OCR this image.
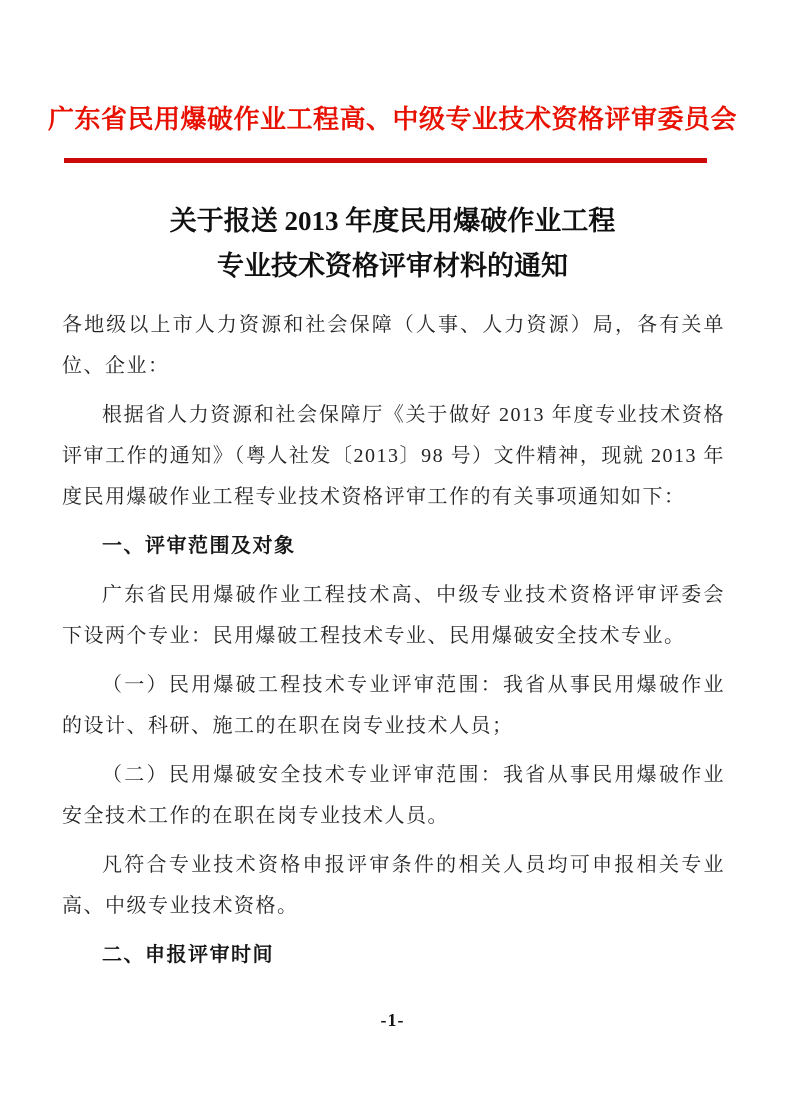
广东省民用爆破作业工程高、中级专业技术资格评审委员会
关于报送 2013 年度民用爆破作业工程
专业技术资格评审材料的通知

各地级以上市人力资源和社会保障（人事、人力资源）局，各有关单位、企业：

根据省人力资源和社会保障厅《关于做好 2013 年度专业技术资格评审工作的通知》（粤人社发〔2013〕98 号）文件精神，现就 2013 年度民用爆破作业工程专业技术资格评审工作的有关事项通知如下：

一、评审范围及对象

广东省民用爆破作业工程技术高、中级专业技术资格评审评委会下设两个专业：民用爆破工程技术专业、民用爆破安全技术专业。

（一）民用爆破工程技术专业评审范围：我省从事民用爆破作业的设计、科研、施工的在职在岗专业技术人员；

（二）民用爆破安全技术专业评审范围：我省从事民用爆破作业安全技术工作的在职在岗专业技术人员。

凡符合专业技术资格申报评审条件的相关人员均可申报相关专业高、中级专业技术资格。

二、申报评审时间
-1-
